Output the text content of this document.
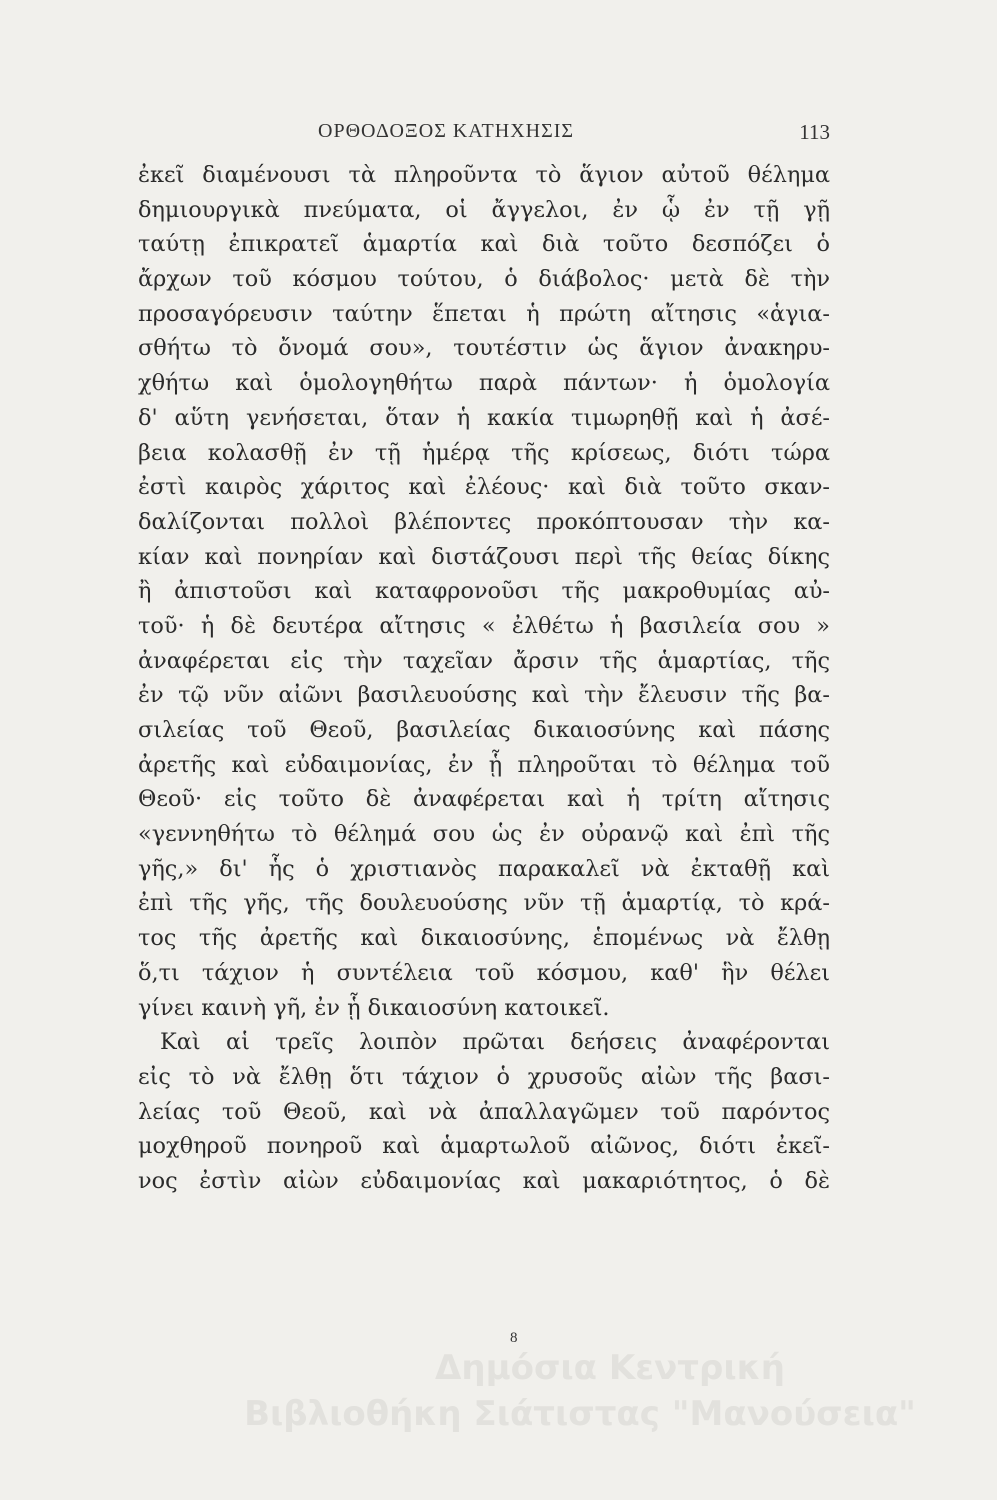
ΟΡΘΟΔΟΞΟΣ ΚΑΤΗΧΗΣΙΣ	113
ἐκεῖ διαμένουσι τὰ πληροῦντα τὸ ἅγιον αὐτοῦ θέλημα
δημιουργικὰ πνεύματα, οἱ ἄγγελοι, ἐν ᾧ ἐν τῇ γῇ
ταύτῃ ἐπικρατεῖ ἁμαρτία καὶ διὰ τοῦτο δεσπόζει ὁ
ἄρχων τοῦ κόσμου τούτου, ὁ διάβολος· μετὰ δὲ τὴν
προσαγόρευσιν ταύτην ἕπεται ἡ πρώτη αἴτησις «ἁγια-
σθήτω τὸ ὄνομά σου», τουτέστιν ὡς ἅγιον ἀνακηρυ-
χθήτω καὶ ὁμολογηθήτω παρὰ πάντων· ἡ ὁμολογία
δ' αὕτη γενήσεται, ὅταν ἡ κακία τιμωρηθῇ καὶ ἡ ἀσέ-
βεια κολασθῇ ἐν τῇ ἡμέρᾳ τῆς κρίσεως, διότι τώρα
ἐστὶ καιρὸς χάριτος καὶ ἐλέους· καὶ διὰ τοῦτο σκαν-
δαλίζονται πολλοὶ βλέποντες προκόπτουσαν τὴν κα-
κίαν καὶ πονηρίαν καὶ διστάζουσι περὶ τῆς θείας δίκης
ἢ ἀπιστοῦσι καὶ καταφρονοῦσι τῆς μακροθυμίας αὐ-
τοῦ· ἡ δὲ δευτέρα αἴτησις « ἐλθέτω ἡ βασιλεία σου »
ἀναφέρεται εἰς τὴν ταχεῖαν ἄρσιν τῆς ἁμαρτίας, τῆς
ἐν τῷ νῦν αἰῶνι βασιλευούσης καὶ τὴν ἔλευσιν τῆς βα-
σιλείας τοῦ Θεοῦ, βασιλείας δικαιοσύνης καὶ πάσης
ἀρετῆς καὶ εὐδαιμονίας, ἐν ᾗ πληροῦται τὸ θέλημα τοῦ
Θεοῦ· εἰς τοῦτο δὲ ἀναφέρεται καὶ ἡ τρίτη αἴτησις
«γεννηθήτω τὸ θέλημά σου ὡς ἐν οὐρανῷ καὶ ἐπὶ τῆς
γῆς,» δι' ἧς ὁ χριστιανὸς παρακαλεῖ νὰ ἐκταθῇ καὶ
ἐπὶ τῆς γῆς, τῆς δουλευούσης νῦν τῇ ἁμαρτίᾳ, τὸ κρά-
τος τῆς ἀρετῆς καὶ δικαιοσύνης, ἑπομένως νὰ ἔλθῃ
ὅ,τι τάχιον ἡ συντέλεια τοῦ κόσμου, καθ' ἣν θέλει
γίνει καινὴ γῆ, ἐν ᾗ δικαιοσύνη κατοικεῖ.
Καὶ αἱ τρεῖς λοιπὸν πρῶται δεήσεις ἀναφέρονται
εἰς τὸ νὰ ἔλθῃ ὅτι τάχιον ὁ χρυσοῦς αἰὼν τῆς βασι-
λείας τοῦ Θεοῦ, καὶ νὰ ἀπαλλαγῶμεν τοῦ παρόντος
μοχθηροῦ πονηροῦ καὶ ἁμαρτωλοῦ αἰῶνος, διότι ἐκεῖ-
νος ἐστὶν αἰὼν εὐδαιμονίας καὶ μακαριότητος, ὁ δὲ
8
Δημόσια Κεντρική
Βιβλιοθήκη Σιάτιστας "Μανούσεια"
